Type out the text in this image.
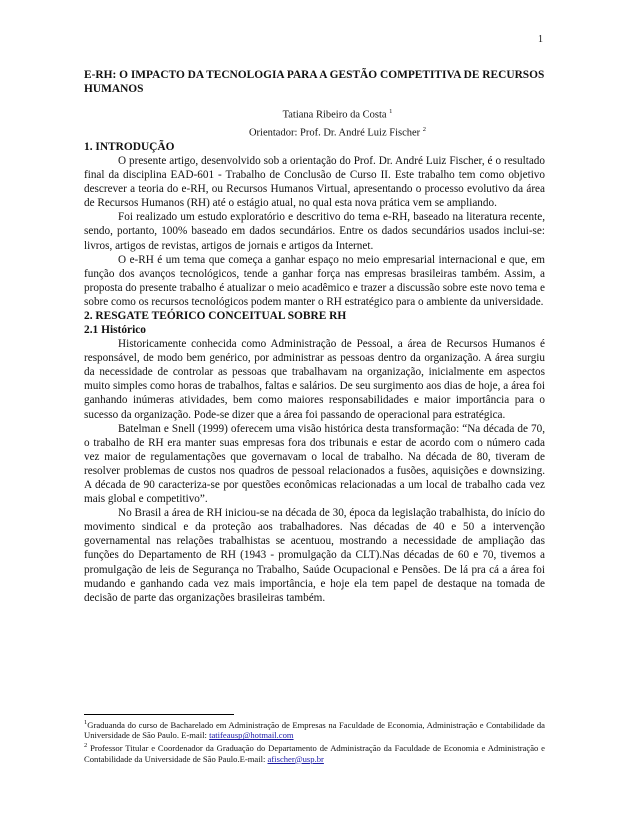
1

E-RH: O IMPACTO DA TECNOLOGIA PARA A GESTÃO COMPETITIVA DE RECURSOS HUMANOS

Tatiana Ribeiro da Costa $^1$
Orientador: Prof. Dr. André Luiz Fischer $^2$
1. INTRODUÇÃO

O presente artigo, desenvolvido sob a orientação do Prof. Dr. André Luiz Fischer, é o resultado final da disciplina EAD-601 - Trabalho de Conclusão de Curso II. Este trabalho tem como objetivo descrever a teoria do e-RH, ou Recursos Humanos Virtual, apresentando o processo evolutivo da área de Recursos Humanos (RH) até o estágio atual, no qual esta nova prática vem se ampliando.

Foi realizado um estudo exploratório e descritivo do tema e-RH, baseado na literatura recente, sendo, portanto, 100% baseado em dados secundários. Entre os dados secundários usados inclui-se: livros, artigos de revistas, artigos de jornais e artigos da Internet.

O e-RH é um tema que começa a ganhar espaço no meio empresarial internacional e que, em função dos avanços tecnológicos, tende a ganhar força nas empresas brasileiras também. Assim, a proposta do presente trabalho é atualizar o meio acadêmico e trazer a discussão sobre este novo tema e sobre como os recursos tecnológicos podem manter o RH estratégico para o ambiente da universidade.

2. RESGATE TEÓRICO CONCEITUAL SOBRE RH
2.1 Histórico

Historicamente conhecida como Administração de Pessoal, a área de Recursos Humanos é responsável, de modo bem genérico, por administrar as pessoas dentro da organização. A área surgiu da necessidade de controlar as pessoas que trabalhavam na organização, inicialmente em aspectos muito simples como horas de trabalhos, faltas e salários. De seu surgimento aos dias de hoje, a área foi ganhando inúmeras atividades, bem como maiores responsabilidades e maior importância para o sucesso da organização. Pode-se dizer que a área foi passando de operacional para estratégica.

Batelman e Snell (1999) oferecem uma visão histórica desta transformação: “Na década de 70, o trabalho de RH era manter suas empresas fora dos tribunais e estar de acordo com o número cada vez maior de regulamentações que governavam o local de trabalho. Na década de 80, tiveram de resolver problemas de custos nos quadros de pessoal relacionados a fusões, aquisições e downsizing. A década de 90 caracteriza-se por questões econômicas relacionadas a um local de trabalho cada vez mais global e competitivo”.

No Brasil a área de RH iniciou-se na década de 30, época da legislação trabalhista, do início do movimento sindical e da proteção aos trabalhadores. Nas décadas de 40 e 50 a intervenção governamental nas relações trabalhistas se acentuou, mostrando a necessidade de ampliação das funções do Departamento de RH (1943 - promulgação da CLT).Nas décadas de 60 e 70, tivemos a promulgação de leis de Segurança no Trabalho, Saúde Ocupacional e Pensões. De lá pra cá a área foi mudando e ganhando cada vez mais importância, e hoje ela tem papel de destaque na tomada de decisão de parte das organizações brasileiras também.

$^1$Graduanda do curso de Bacharelado em Administração de Empresas na Faculdade de Economia, Administração e Contabilidade da Universidade de São Paulo. E-mail: tatifeausp@hotmail.com

$^2$ Professor Titular e Coordenador da Graduação do Departamento de Administração da Faculdade de Economia e Administração e Contabilidade da Universidade de São Paulo.E-mail: afischer@usp.br
